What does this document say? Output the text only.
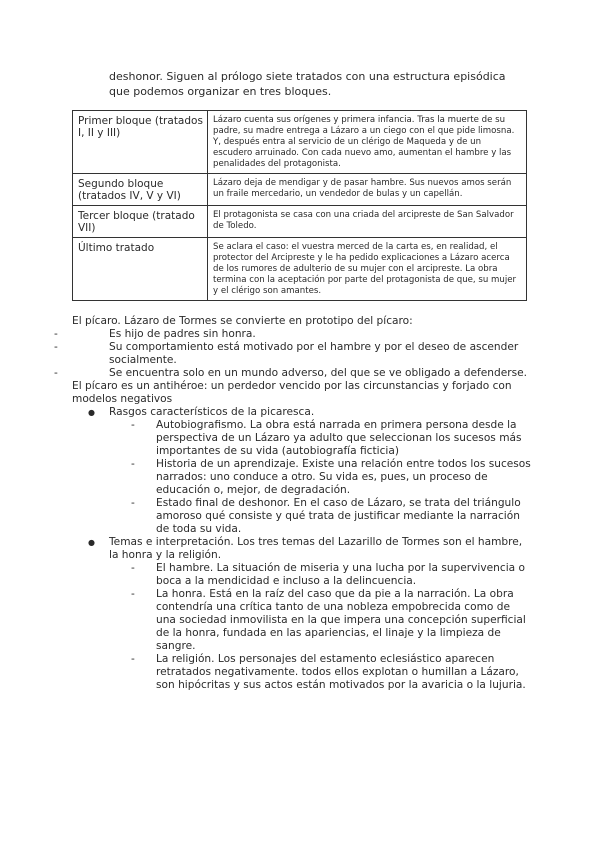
deshonor. Siguen al prólogo siete tratados con una estructura episódica que podemos organizar en tres bloques.

Primer bloque (tratados I, II y III)	Lázaro cuenta sus orígenes y primera infancia. Tras la muerte de su padre, su madre entrega a Lázaro a un ciego con el que pide limosna. Y, después entra al servicio de un clérigo de Maqueda y de un escudero arruinado. Con cada nuevo amo, aumentan el hambre y las penalidades del protagonista.
Segundo bloque (tratados IV, V y VI)	Lázaro deja de mendigar y de pasar hambre. Sus nuevos amos serán un fraile mercedario, un vendedor de bulas y un capellán.
Tercer bloque (tratado VII)	El protagonista se casa con una criada del arcipreste de San Salvador de Toledo.
Último tratado	Se aclara el caso: el vuestra merced de la carta es, en realidad, el protector del Arcipreste y le ha pedido explicaciones a Lázaro acerca de los rumores de adulterio de su mujer con el arcipreste. La obra termina con la aceptación por parte del protagonista de que, su mujer y el clérigo son amantes.

El pícaro. Lázaro de Tormes se convierte en prototipo del pícaro:

- Es hijo de padres sin honra.
- Su comportamiento está motivado por el hambre y por el deseo de ascender socialmente.
- Se encuentra solo en un mundo adverso, del que se ve obligado a defenderse.

El pícaro es un antihéroe: un perdedor vencido por las circunstancias y forjado con modelos negativos

● Rasgos característicos de la picaresca.
- Autobiografismo. La obra está narrada en primera persona desde la perspectiva de un Lázaro ya adulto que seleccionan los sucesos más importantes de su vida (autobiografía ficticia)
- Historia de un aprendizaje. Existe una relación entre todos los sucesos narrados: uno conduce a otro. Su vida es, pues, un proceso de educación o, mejor, de degradación.
- Estado final de deshonor. En el caso de Lázaro, se trata del triángulo amoroso qué consiste y qué trata de justificar mediante la narración de toda su vida.
● Temas e interpretación. Los tres temas del Lazarillo de Tormes son el hambre, la honra y la religión.
- El hambre. La situación de miseria y una lucha por la supervivencia o boca a la mendicidad e incluso a la delincuencia.
- La honra. Está en la raíz del caso que da pie a la narración. La obra contendría una crítica tanto de una nobleza empobrecida como de una sociedad inmovilista en la que impera una concepción superficial de la honra, fundada en las apariencias, el linaje y la limpieza de sangre.
- La religión. Los personajes del estamento eclesiástico aparecen retratados negativamente. todos ellos explotan o humillan a Lázaro, son hipócritas y sus actos están motivados por la avaricia o la lujuria.
